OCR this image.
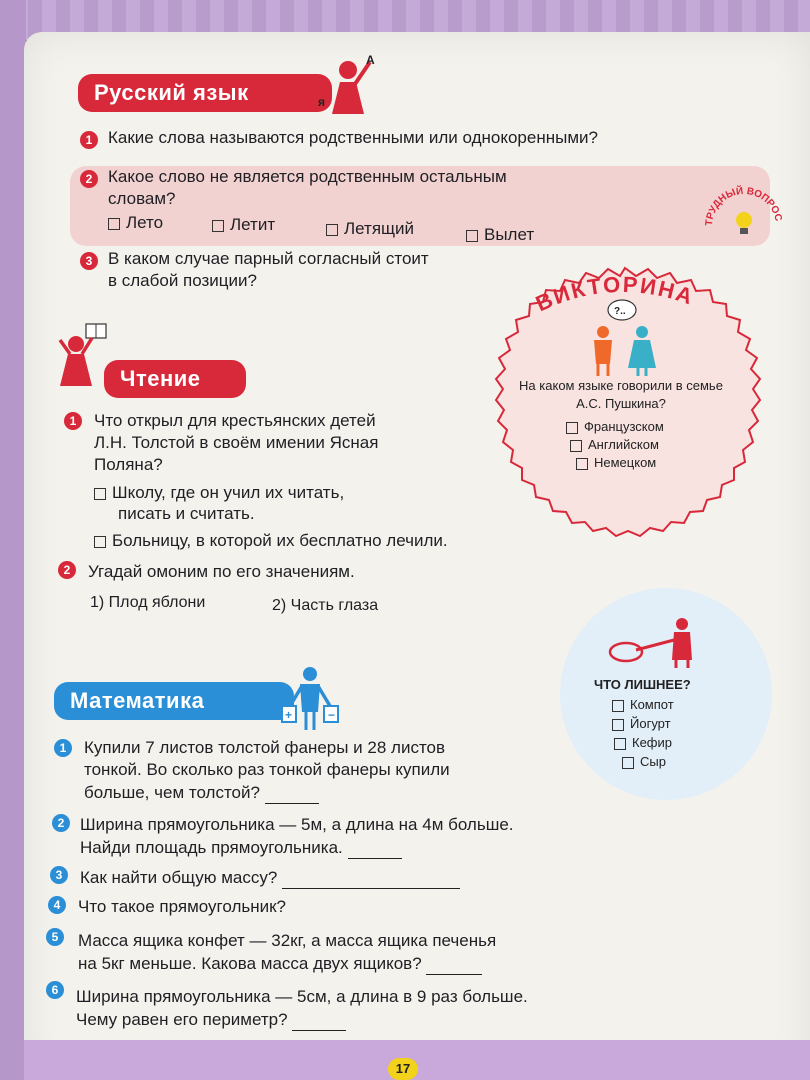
Русский язык
А
я
1 Какие слова называются родственными или однокоренными?
2 Какое слово не является родственным остальным
словам?
Лето	Летит	Летящий	Вылет
ТРУДНЫЙ ВОПРОС
3 В каком случае парный согласный стоит
в слабой позиции?
ВИКТОРИНА
?..
На каком языке говорили в семье
А.С. Пушкина?
Французском
Английском
Немецком
Чтение
1	Что открыл для крестьянских детей
Л.Н. Толстой в своём имении Ясная
Поляна?
Школу, где он учил их читать,
писать и считать.
Больницу, в которой их бесплатно лечили.
2	Угадай омоним по его значениям.
1) Плод яблони	2) Часть глаза
ЧТО ЛИШНЕЕ?
Компот
Йогурт
Кефир
Сыр
Математика
+	−
1	Купили 7 листов толстой фанеры и 28 листов
тонкой. Во сколько раз тонкой фанеры купили
больше, чем толстой?
2 Ширина прямоугольника — 5м, а длина на 4м больше.
Найди площадь прямоугольника.
3	Как найти общую массу?
4	Что такое прямоугольник?
5	Масса ящика конфет — 32кг, а масса ящика печенья
на 5кг меньше. Какова масса двух ящиков?
6	Ширина прямоугольника — 5см, а длина в 9 раз больше.
Чему равен его периметр?
17
